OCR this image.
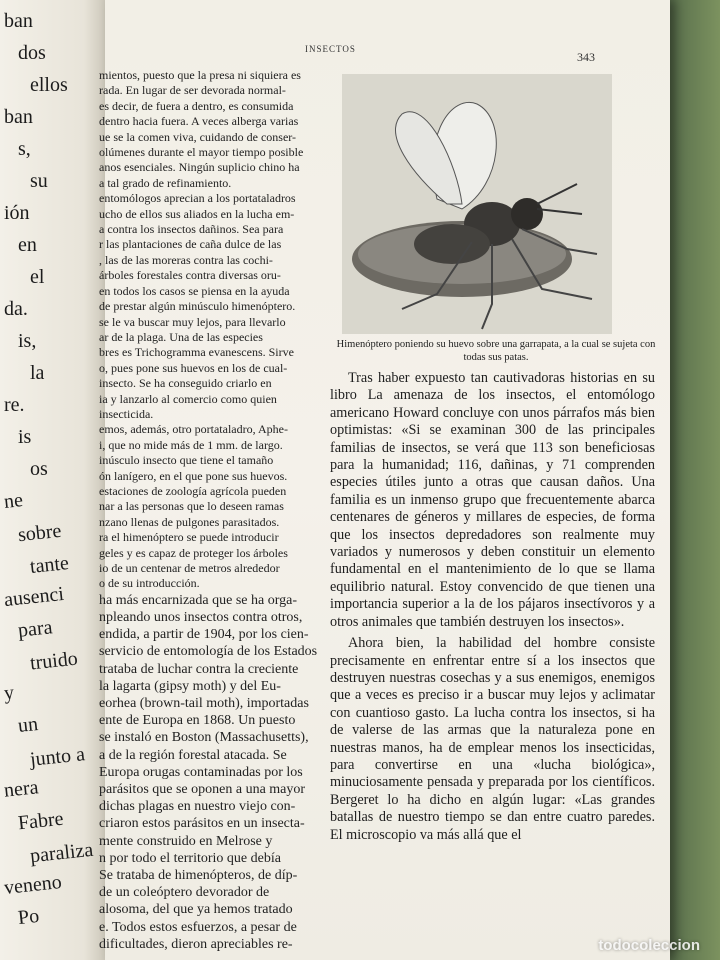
ban
dos
ellos
ban
s,
su
ión
en
el
da.
is,
la
re.
is
os
ne
sobre
tante
ausenci
para
truido
y
un
junto a
nera
Fabre
paraliza
veneno
Po
INSECTOS
343

mientos, puesto que la presa ni siquiera es

rada. En lugar de ser devorada normal-

es decir, de fuera a dentro, es consumida

dentro hacia fuera. A veces alberga varias

ue se la comen viva, cuidando de conser-

olúmenes durante el mayor tiempo posible

anos esenciales. Ningún suplicio chino ha

a tal grado de refinamiento.

entomólogos aprecian a los portataladros

ucho de ellos sus aliados en la lucha em-

a contra los insectos dañinos. Sea para

r las plantaciones de caña dulce de las

, las de las moreras contra las cochi-

árboles forestales contra diversas oru-

en todos los casos se piensa en la ayuda

de prestar algún minúsculo himenóptero.

se le va buscar muy lejos, para llevarlo

ar de la plaga. Una de las especies

bres es Trichogramma evanescens. Sirve

o, pues pone sus huevos en los de cual-

insecto. Se ha conseguido criarlo en

ia y lanzarlo al comercio como quien

insecticida.

emos, además, otro portataladro, Aphe-

i, que no mide más de 1 mm. de largo.

inúsculo insecto que tiene el tamaño

ón lanígero, en el que pone sus huevos.

estaciones de zoología agrícola pueden

nar a las personas que lo deseen ramas

nzano llenas de pulgones parasitados.

ra el himenóptero se puede introducir

geles y es capaz de proteger los árboles

io de un centenar de metros alrededor

o de su introducción.

ha más encarnizada que se ha orga-

npleando unos insectos contra otros,

endida, a partir de 1904, por los cien-

servicio de entomología de los Estados

trataba de luchar contra la creciente

la lagarta (gipsy moth) y del Eu-

eorhea (brown-tail moth), importadas

ente de Europa en 1868. Un puesto

se instaló en Boston (Massachusetts),

a de la región forestal atacada. Se

Europa orugas contaminadas por los

parásitos que se oponen a una mayor

dichas plagas en nuestro viejo con-

criaron estos parásitos en un insecta-

mente construido en Melrose y

n por todo el territorio que debía

Se trataba de himenópteros, de díp-

de un coleóptero devorador de

alosoma, del que ya hemos tratado

e. Todos estos esfuerzos, a pesar de

dificultades, dieron apreciables re-

Himenóptero poniendo su huevo sobre una garrapata, a la cual se sujeta con todas sus patas.

Tras haber expuesto tan cautivadoras historias en su libro La amenaza de los insectos, el entomólogo americano Howard concluye con unos párrafos más bien optimistas: «Si se examinan 300 de las principales familias de insectos, se verá que 113 son beneficiosas para la humanidad; 116, dañinas, y 71 comprenden especies útiles junto a otras que causan daños. Una familia es un inmenso grupo que frecuentemente abarca centenares de géneros y millares de especies, de forma que los insectos depredadores son realmente muy variados y numerosos y deben constituir un elemento fundamental en el mantenimiento de lo que se llama equilibrio natural. Estoy convencido de que tienen una importancia superior a la de los pájaros insectívoros y a otros animales que también destruyen los insectos».

Ahora bien, la habilidad del hombre consiste precisamente en enfrentar entre sí a los insectos que destruyen nuestras cosechas y a sus enemigos, enemigos que a veces es preciso ir a buscar muy lejos y aclimatar con cuantioso gasto. La lucha contra los insectos, si ha de valerse de las armas que la naturaleza pone en nuestras manos, ha de emplear menos los insecticidas, para convertirse en una «lucha biológica», minuciosamente pensada y preparada por los científicos. Bergeret lo ha dicho en algún lugar: «Las grandes batallas de nuestro tiempo se dan entre cuatro paredes. El microscopio va más allá que el

todocoleccion
